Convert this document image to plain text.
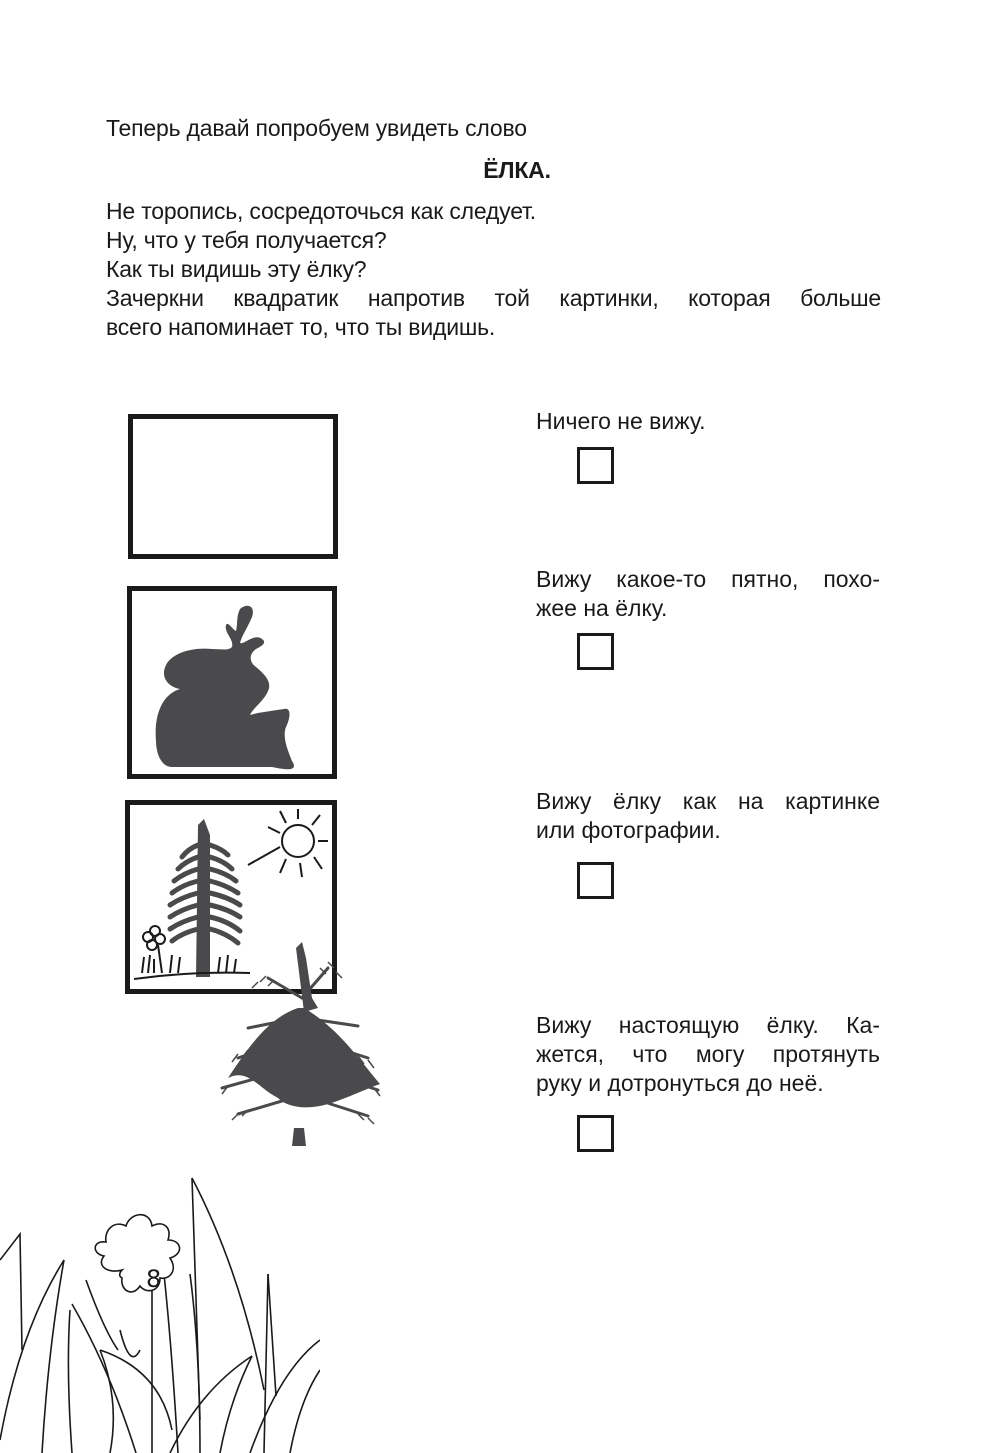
Теперь давай попробуем увидеть слово
ЁЛКА.
Не торопись, сосредоточься как следует.
Ну, что у тебя получается?
Как ты видишь эту ёлку?
Зачеркни квадратик напротив той картинки, которая больше
всего напоминает то, что ты видишь.
Ничего не вижу.
Вижу какое-то пятно, похо-
жее на ёлку.
Вижу ёлку как на картинке
или фотографии.
Вижу настоящую ёлку. Ка-
жется, что могу протянуть
руку и дотронуться до неё.
8
